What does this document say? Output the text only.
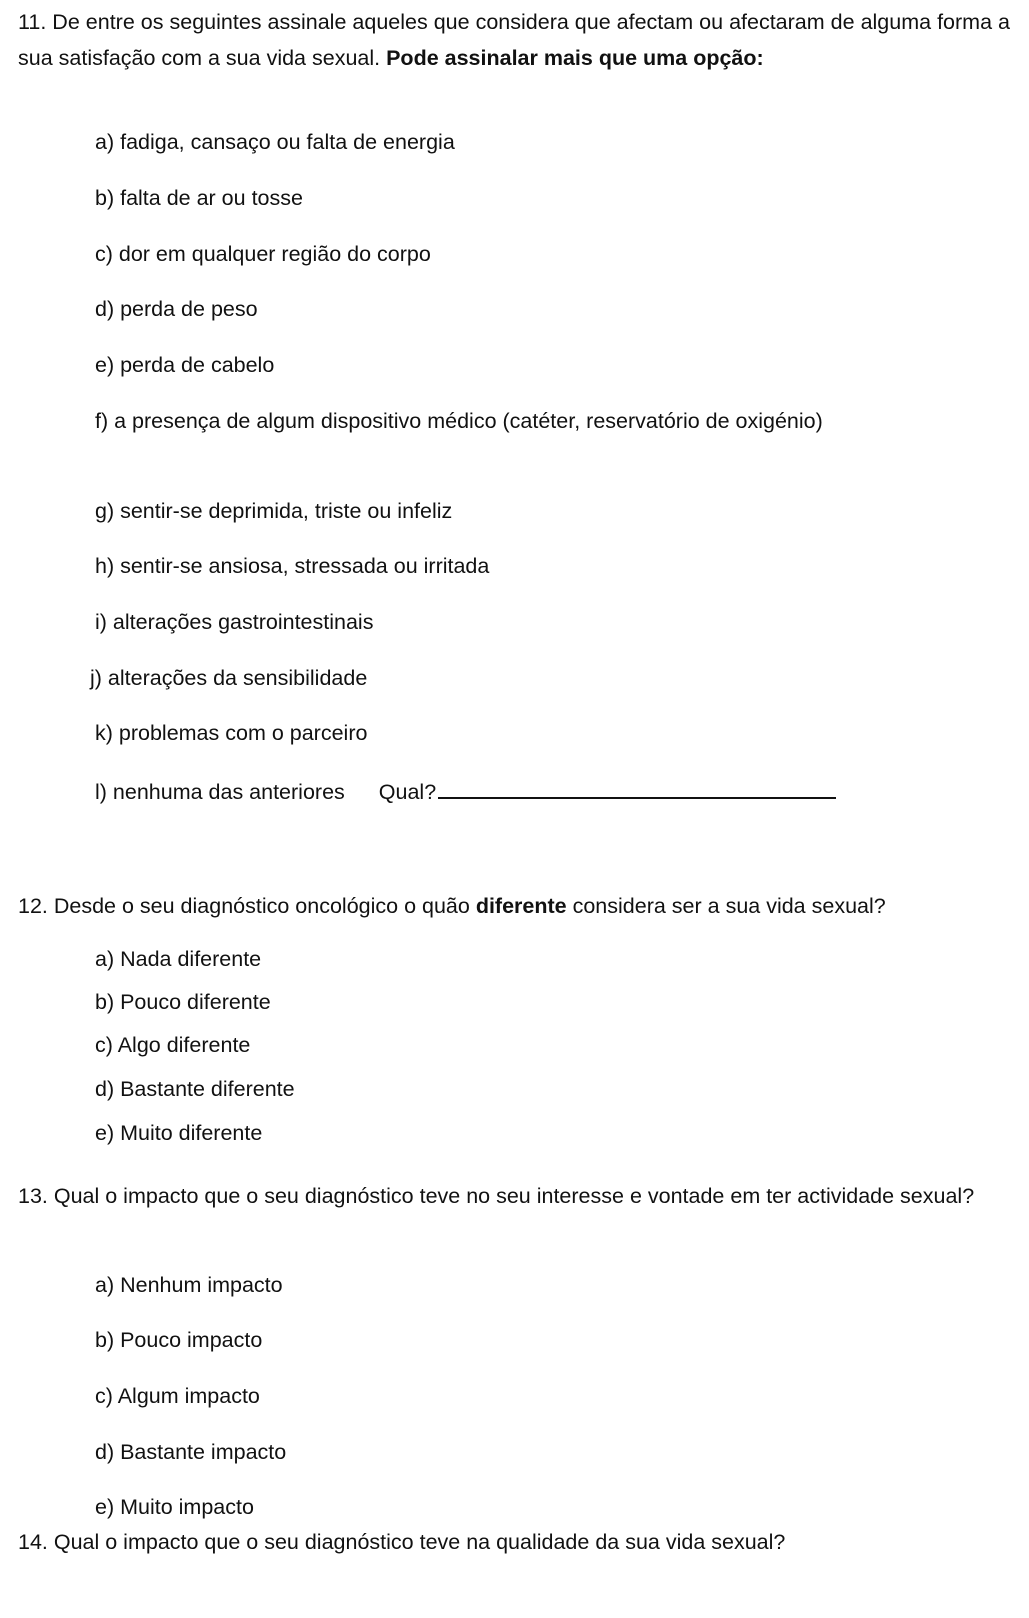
11. De entre os seguintes assinale aqueles que considera que afectam ou afectaram de alguma forma a sua satisfação com a sua vida sexual. Pode assinalar mais que uma opção:
a) fadiga, cansaço ou falta de energia
b) falta de ar ou tosse
c) dor em qualquer região do corpo
d) perda de peso
e) perda de cabelo
f) a presença de algum dispositivo médico (catéter, reservatório de oxigénio)
g) sentir-se deprimida, triste ou infeliz
h) sentir-se ansiosa, stressada ou irritada
i) alterações gastrointestinais
j) alterações da sensibilidade
k) problemas com o parceiro
l) nenhuma das anteriores Qual?
12. Desde o seu diagnóstico oncológico o quão diferente considera ser a sua vida sexual?
a) Nada diferente
b) Pouco diferente
c) Algo diferente
d) Bastante diferente
e) Muito diferente
13. Qual o impacto que o seu diagnóstico teve no seu interesse e vontade em ter actividade sexual?
a) Nenhum impacto
b) Pouco impacto
c) Algum impacto
d) Bastante impacto
e) Muito impacto
14. Qual o impacto que o seu diagnóstico teve na qualidade da sua vida sexual?
